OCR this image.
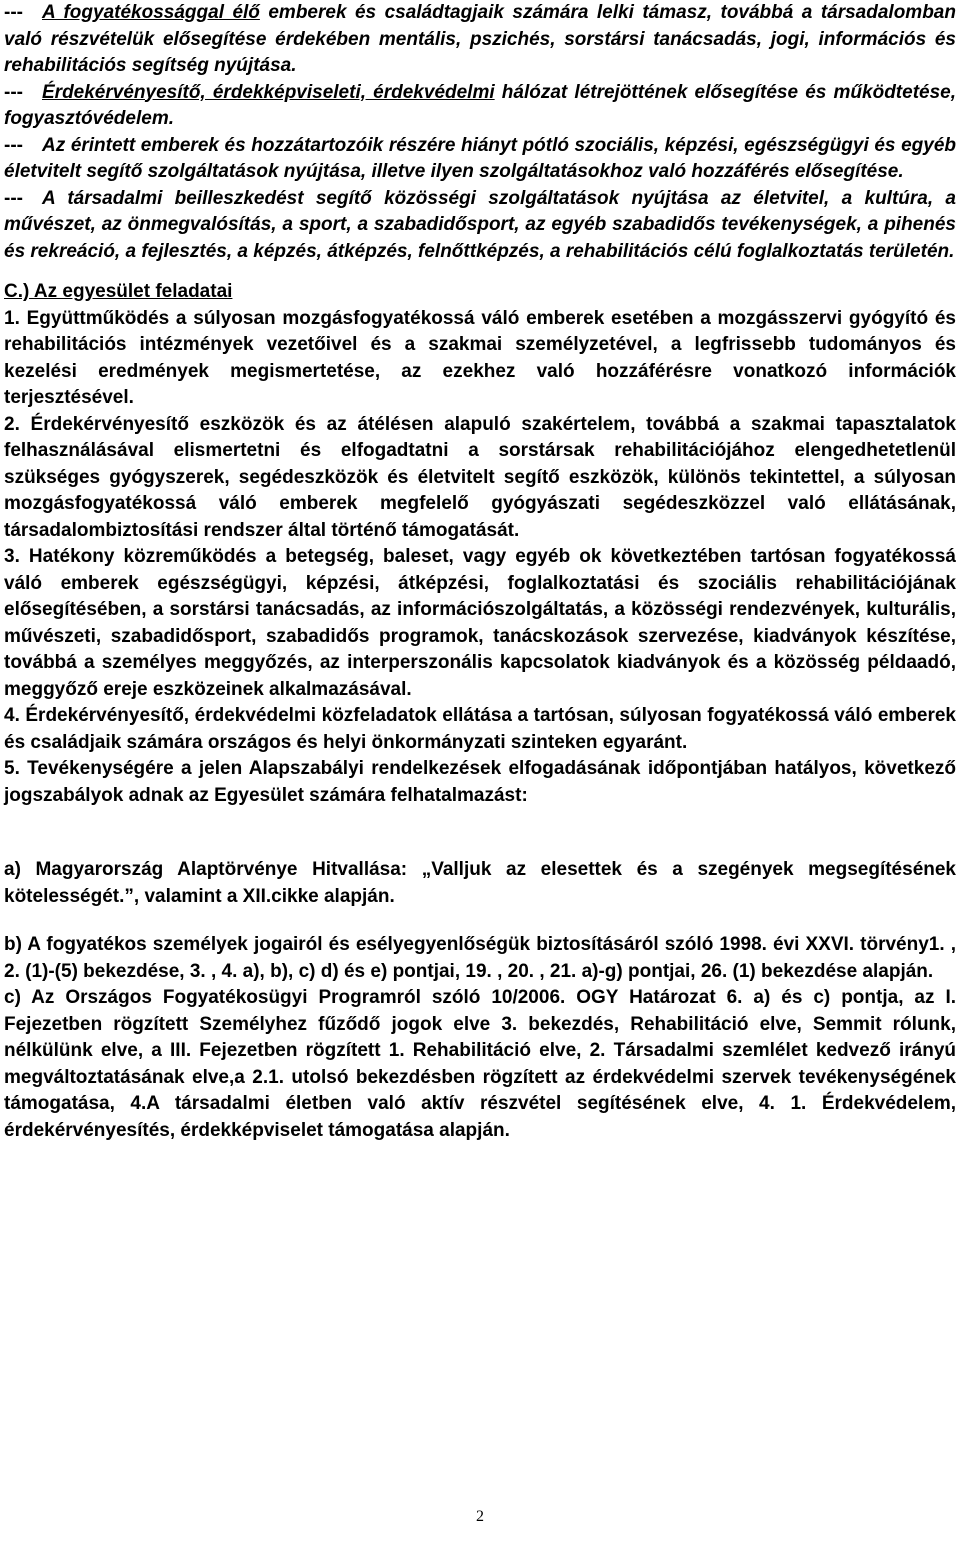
--- A fogyatékossággal élő emberek és családtagjaik számára lelki támasz, továbbá a társadalomban való részvételük elősegítése érdekében mentális, pszichés, sorstársi tanácsadás, jogi, információs és rehabilitációs segítség nyújtása.

--- Érdekérvényesítő, érdekképviseleti, érdekvédelmi hálózat létrejöttének elősegítése és működtetése, fogyasztóvédelem.

--- Az érintett emberek és hozzátartozóik részére hiányt pótló szociális, képzési, egészségügyi és egyéb életvitelt segítő szolgáltatások nyújtása, illetve ilyen szolgáltatásokhoz való hozzáférés elősegítése.

--- A társadalmi beilleszkedést segítő közösségi szolgáltatások nyújtása az életvitel, a kultúra, a művészet, az önmegvalósítás, a sport, a szabadidősport, az egyéb szabadidős tevékenységek, a pihenés és rekreáció, a fejlesztés, a képzés, átképzés, felnőttképzés, a rehabilitációs célú foglalkoztatás területén.

C.) Az egyesület feladatai

1. Együttműködés a súlyosan mozgásfogyatékossá váló emberek esetében a mozgásszervi gyógyító és rehabilitációs intézmények vezetőivel és a szakmai személyzetével, a legfrissebb tudományos és kezelési eredmények megismertetése, az ezekhez való hozzáférésre vonatkozó információk terjesztésével.

2. Érdekérvényesítő eszközök és az átélésen alapuló szakértelem, továbbá a szakmai tapasztalatok felhasználásával elismertetni és elfogadtatni a sorstársak rehabilitációjához elengedhetetlenül szükséges gyógyszerek, segédeszközök és életvitelt segítő eszközök, különös tekintettel, a súlyosan mozgásfogyatékossá váló emberek megfelelő gyógyászati segédeszközzel való ellátásának, társadalombiztosítási rendszer által történő támogatását.

3. Hatékony közreműködés a betegség, baleset, vagy egyéb ok következtében tartósan fogyatékossá váló emberek egészségügyi, képzési, átképzési, foglalkoztatási és szociális rehabilitációjának elősegítésében, a sorstársi tanácsadás, az információszolgáltatás, a közösségi rendezvények, kulturális, művészeti, szabadidősport, szabadidős programok, tanácskozások szervezése, kiadványok készítése, továbbá a személyes meggyőzés, az interperszonális kapcsolatok kiadványok és a közösség példaadó, meggyőző ereje eszközeinek alkalmazásával.

4. Érdekérvényesítő, érdekvédelmi közfeladatok ellátása a tartósan, súlyosan fogyatékossá váló emberek és családjaik számára országos és helyi önkormányzati szinteken egyaránt.

5. Tevékenységére a jelen Alapszabályi rendelkezések elfogadásának időpontjában hatályos, következő jogszabályok adnak az Egyesület számára felhatalmazást:

a) Magyarország Alaptörvénye Hitvallása: „Valljuk az elesettek és a szegények megsegítésének kötelességét.”, valamint a XII.cikke alapján.

b) A fogyatékos személyek jogairól és esélyegyenlőségük biztosításáról szóló 1998. évi XXVI. törvény1. , 2. (1)-(5) bekezdése, 3. , 4. a), b), c) d) és e) pontjai, 19. , 20. , 21. a)-g) pontjai, 26. (1) bekezdése alapján.

c) Az Országos Fogyatékosügyi Programról szóló 10/2006. OGY Határozat 6. a) és c) pontja, az I. Fejezetben rögzített Személyhez fűződő jogok elve 3. bekezdés, Rehabilitáció elve, Semmit rólunk, nélkülünk elve, a III. Fejezetben rögzített 1. Rehabilitáció elve, 2. Társadalmi szemlélet kedvező irányú megváltoztatásának elve,a 2.1. utolsó bekezdésben rögzített az érdekvédelmi szervek tevékenységének támogatása, 4.A társadalmi életben való aktív részvétel segítésének elve, 4. 1. Érdekvédelem, érdekérvényesítés, érdekképviselet támogatása alapján.

2
